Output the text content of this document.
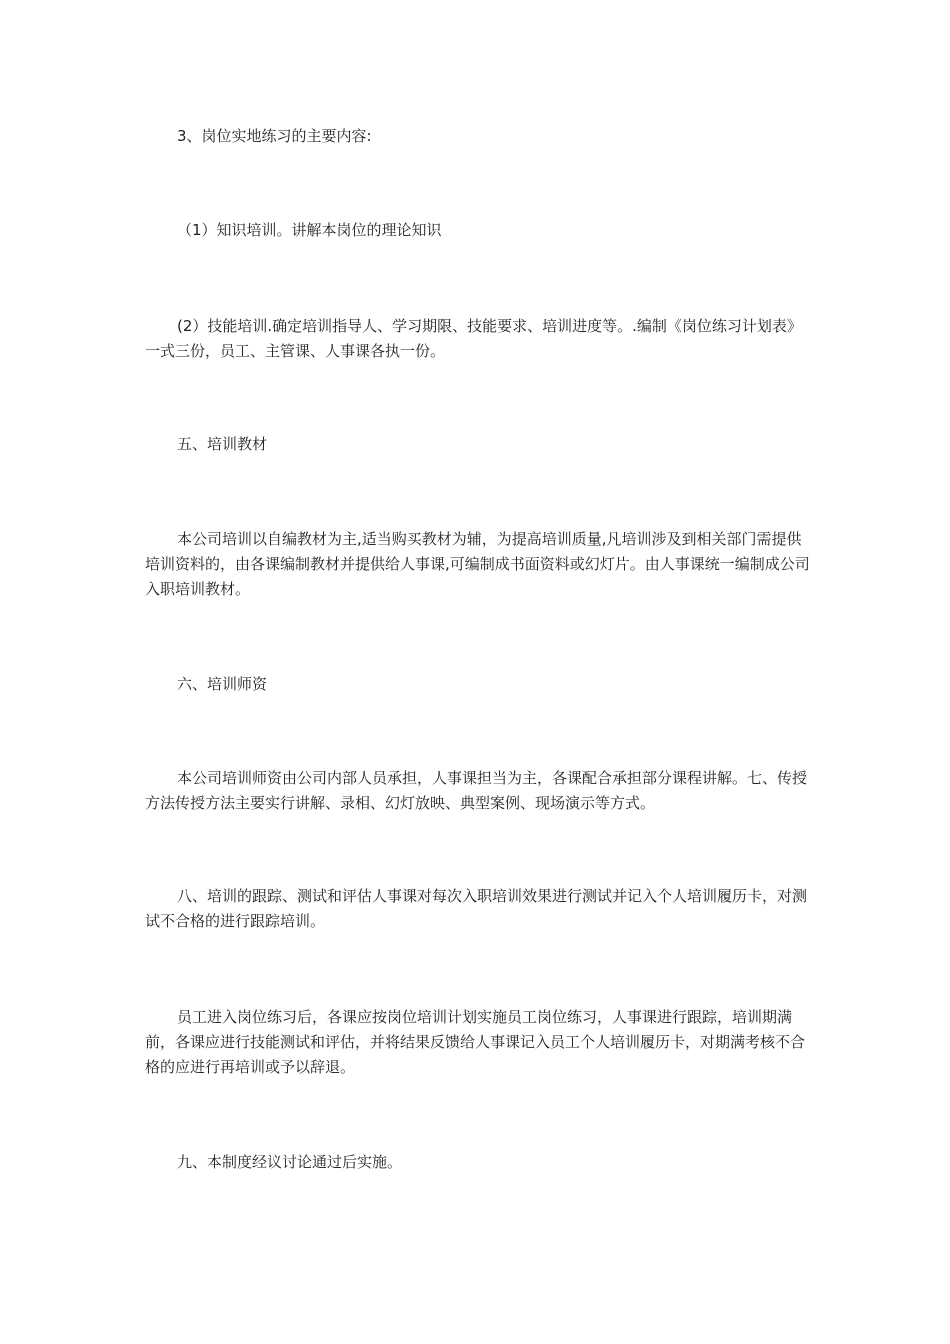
3、岗位实地练习的主要内容:

（1）知识培训。讲解本岗位的理论知识

(2）技能培训.确定培训指导人、学习期限、技能要求、培训进度等。.编制《岗位练习计划表》一式三份，员工、主管课、人事课各执一份。

五、培训教材

本公司培训以自编教材为主,适当购买教材为辅，为提高培训质量,凡培训涉及到相关部门需提供培训资料的，由各课编制教材并提供给人事课,可编制成书面资料或幻灯片。由人事课统一编制成公司入职培训教材。

六、培训师资

本公司培训师资由公司内部人员承担，人事课担当为主，各课配合承担部分课程讲解。七、传授方法传授方法主要实行讲解、录相、幻灯放映、典型案例、现场演示等方式。

八、培训的跟踪、测试和评估人事课对每次入职培训效果进行测试并记入个人培训履历卡，对测试不合格的进行跟踪培训。

员工进入岗位练习后，各课应按岗位培训计划实施员工岗位练习，人事课进行跟踪，培训期满前，各课应进行技能测试和评估，并将结果反馈给人事课记入员工个人培训履历卡，对期满考核不合格的应进行再培训或予以辞退。

九、本制度经议讨论通过后实施。
